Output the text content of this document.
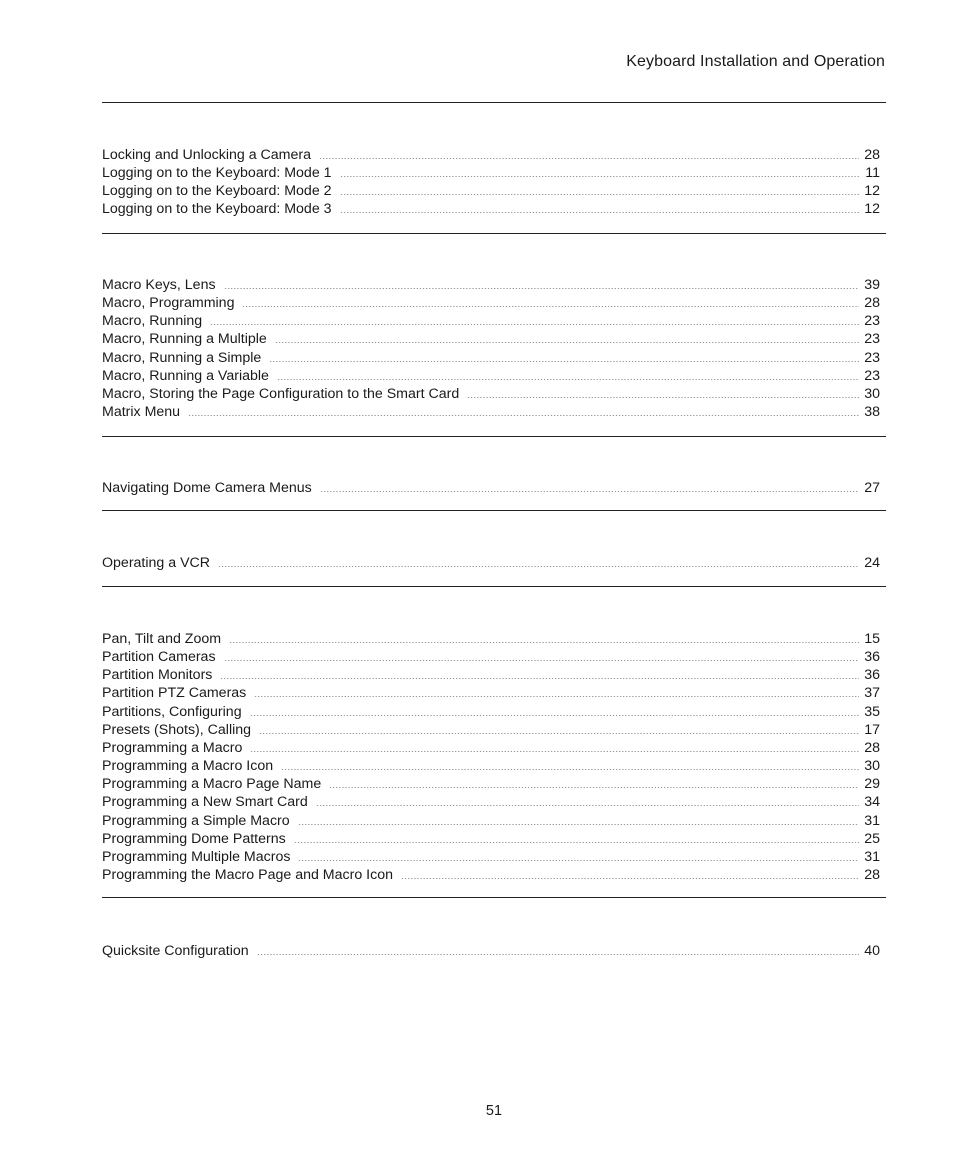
Keyboard Installation and Operation
Locking and Unlocking a Camera	28
Logging on to the Keyboard: Mode 1	11
Logging on to the Keyboard: Mode 2	12
Logging on to the Keyboard: Mode 3	12
Macro Keys, Lens	39
Macro, Programming	28
Macro, Running	23
Macro, Running a Multiple	23
Macro, Running a Simple	23
Macro, Running a Variable	23
Macro, Storing the Page Configuration to the Smart Card	30
Matrix Menu	38
Navigating Dome Camera Menus	27
Operating a VCR	24
Pan, Tilt and Zoom	15
Partition Cameras	36
Partition Monitors	36
Partition PTZ Cameras	37
Partitions, Configuring	35
Presets (Shots), Calling	17
Programming a Macro	28
Programming a Macro Icon	30
Programming a Macro Page Name	29
Programming a New Smart Card	34
Programming a Simple Macro	31
Programming Dome Patterns	25
Programming Multiple Macros	31
Programming the Macro Page and Macro Icon	28
Quicksite Configuration	40
51
